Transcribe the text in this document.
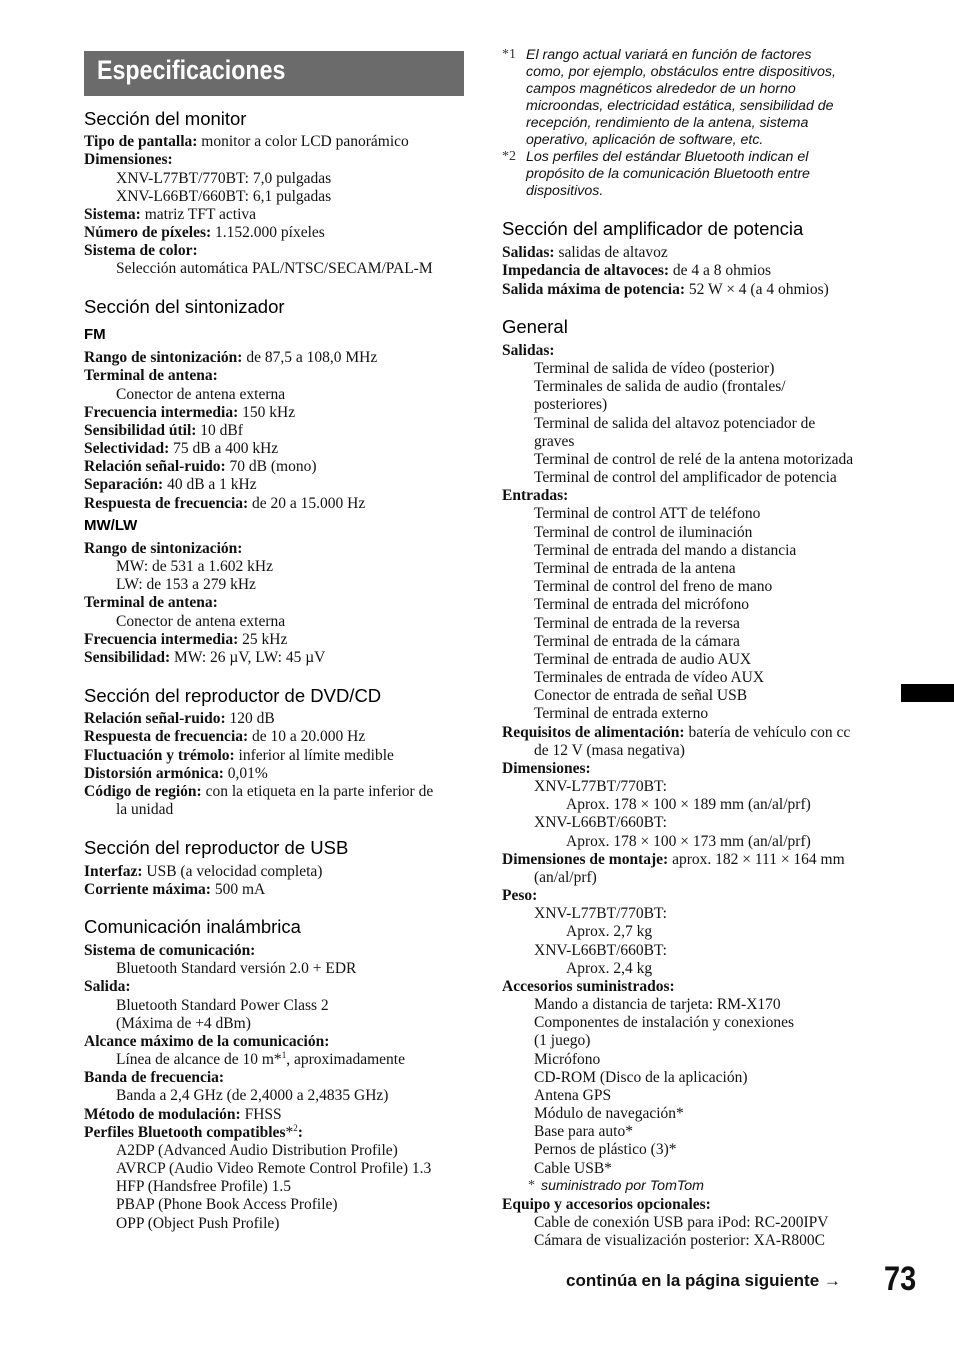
Especificaciones
Sección del monitor
Tipo de pantalla: monitor a color LCD panorámico
Dimensiones:
XNV-L77BT/770BT: 7,0 pulgadas
XNV-L66BT/660BT: 6,1 pulgadas
Sistema: matriz TFT activa
Número de píxeles: 1.152.000 píxeles
Sistema de color:
Selección automática PAL/NTSC/SECAM/PAL-M
Sección del sintonizador
FM
Rango de sintonización: de 87,5 a 108,0 MHz
Terminal de antena:
Conector de antena externa
Frecuencia intermedia: 150 kHz
Sensibilidad útil: 10 dBf
Selectividad: 75 dB a 400 kHz
Relación señal-ruido: 70 dB (mono)
Separación: 40 dB a 1 kHz
Respuesta de frecuencia: de 20 a 15.000 Hz
MW/LW
Rango de sintonización:
MW: de 531 a 1.602 kHz
LW: de 153 a 279 kHz
Terminal de antena:
Conector de antena externa
Frecuencia intermedia: 25 kHz
Sensibilidad: MW: 26 µV, LW: 45 µV
Sección del reproductor de DVD/CD
Relación señal-ruido: 120 dB
Respuesta de frecuencia: de 10 a 20.000 Hz
Fluctuación y trémolo: inferior al límite medible
Distorsión armónica: 0,01%
Código de región: con la etiqueta en la parte inferior de
la unidad
Sección del reproductor de USB
Interfaz: USB (a velocidad completa)
Corriente máxima: 500 mA
Comunicación inalámbrica
Sistema de comunicación:
Bluetooth Standard versión 2.0 + EDR
Salida:
Bluetooth Standard Power Class 2
(Máxima de +4 dBm)
Alcance máximo de la comunicación:
Línea de alcance de 10 m*$^1$, aproximadamente
Banda de frecuencia:
Banda a 2,4 GHz (de 2,4000 a 2,4835 GHz)
Método de modulación: FHSS
Perfiles Bluetooth compatibles*$^2$:
A2DP (Advanced Audio Distribution Profile)
AVRCP (Audio Video Remote Control Profile) 1.3
HFP (Handsfree Profile) 1.5
PBAP (Phone Book Access Profile)
OPP (Object Push Profile)
*1 El rango actual variará en función de factores
como, por ejemplo, obstáculos entre dispositivos,
campos magnéticos alrededor de un horno
microondas, electricidad estática, sensibilidad de
recepción, rendimiento de la antena, sistema
operativo, aplicación de software, etc.
*2 Los perfiles del estándar Bluetooth indican el
propósito de la comunicación Bluetooth entre
dispositivos.
Sección del amplificador de potencia
Salidas: salidas de altavoz
Impedancia de altavoces: de 4 a 8 ohmios
Salida máxima de potencia: 52 W × 4 (a 4 ohmios)
General
Salidas:
Terminal de salida de vídeo (posterior)
Terminales de salida de audio (frontales/
posteriores)
Terminal de salida del altavoz potenciador de
graves
Terminal de control de relé de la antena motorizada
Terminal de control del amplificador de potencia
Entradas:
Terminal de control ATT de teléfono
Terminal de control de iluminación
Terminal de entrada del mando a distancia
Terminal de entrada de la antena
Terminal de control del freno de mano
Terminal de entrada del micrófono
Terminal de entrada de la reversa
Terminal de entrada de la cámara
Terminal de entrada de audio AUX
Terminales de entrada de vídeo AUX
Conector de entrada de señal USB
Terminal de entrada externo
Requisitos de alimentación: batería de vehículo con cc
de 12 V (masa negativa)
Dimensiones:
XNV-L77BT/770BT:
Aprox. 178 × 100 × 189 mm (an/al/prf)
XNV-L66BT/660BT:
Aprox. 178 × 100 × 173 mm (an/al/prf)
Dimensiones de montaje: aprox. 182 × 111 × 164 mm
(an/al/prf)
Peso:
XNV-L77BT/770BT:
Aprox. 2,7 kg
XNV-L66BT/660BT:
Aprox. 2,4 kg
Accesorios suministrados:
Mando a distancia de tarjeta: RM-X170
Componentes de instalación y conexiones
(1 juego)
Micrófono
CD-ROM (Disco de la aplicación)
Antena GPS
Módulo de navegación*
Base para auto*
Pernos de plástico (3)*
Cable USB*
* suministrado por TomTom
Equipo y accesorios opcionales:
Cable de conexión USB para iPod: RC-200IPV
Cámara de visualización posterior: XA-R800C
continúa en la página siguiente → 73
